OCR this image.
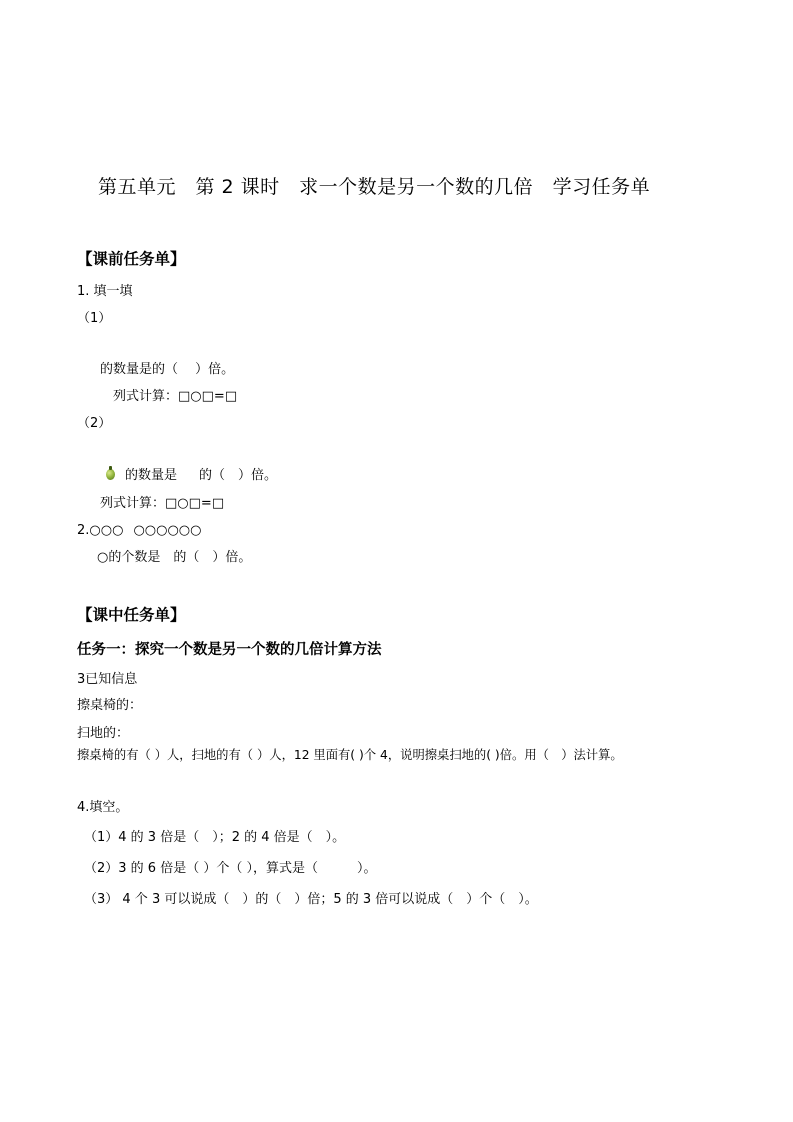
第五单元　第 2 课时　求一个数是另一个数的几倍　学习任务单
【课前任务单】
1. 填一填
（1）
的数量是的（　 ）倍。
列式计算：□○□=□
（2）
的数量是 的（　）倍。
列式计算：□○□=□
2.○○○ ○○○○○○
○的个数是　的（　）倍。
【课中任务单】
任务一：探究一个数是另一个数的几倍计算方法
3已知信息
擦桌椅的：
扫地的：
擦桌椅的有（ ）人，扫地的有（ ）人，12 里面有( )个 4，说明擦桌扫地的( )倍。用（　）法计算。
4.填空。
（1）4 的 3 倍是（　）；2 的 4 倍是（　）。
（2）3 的 6 倍是（ ）个（ ），算式是（　　　）。
（3） 4 个 3 可以说成（　）的（　）倍；5 的 3 倍可以说成（　）个（　）。
